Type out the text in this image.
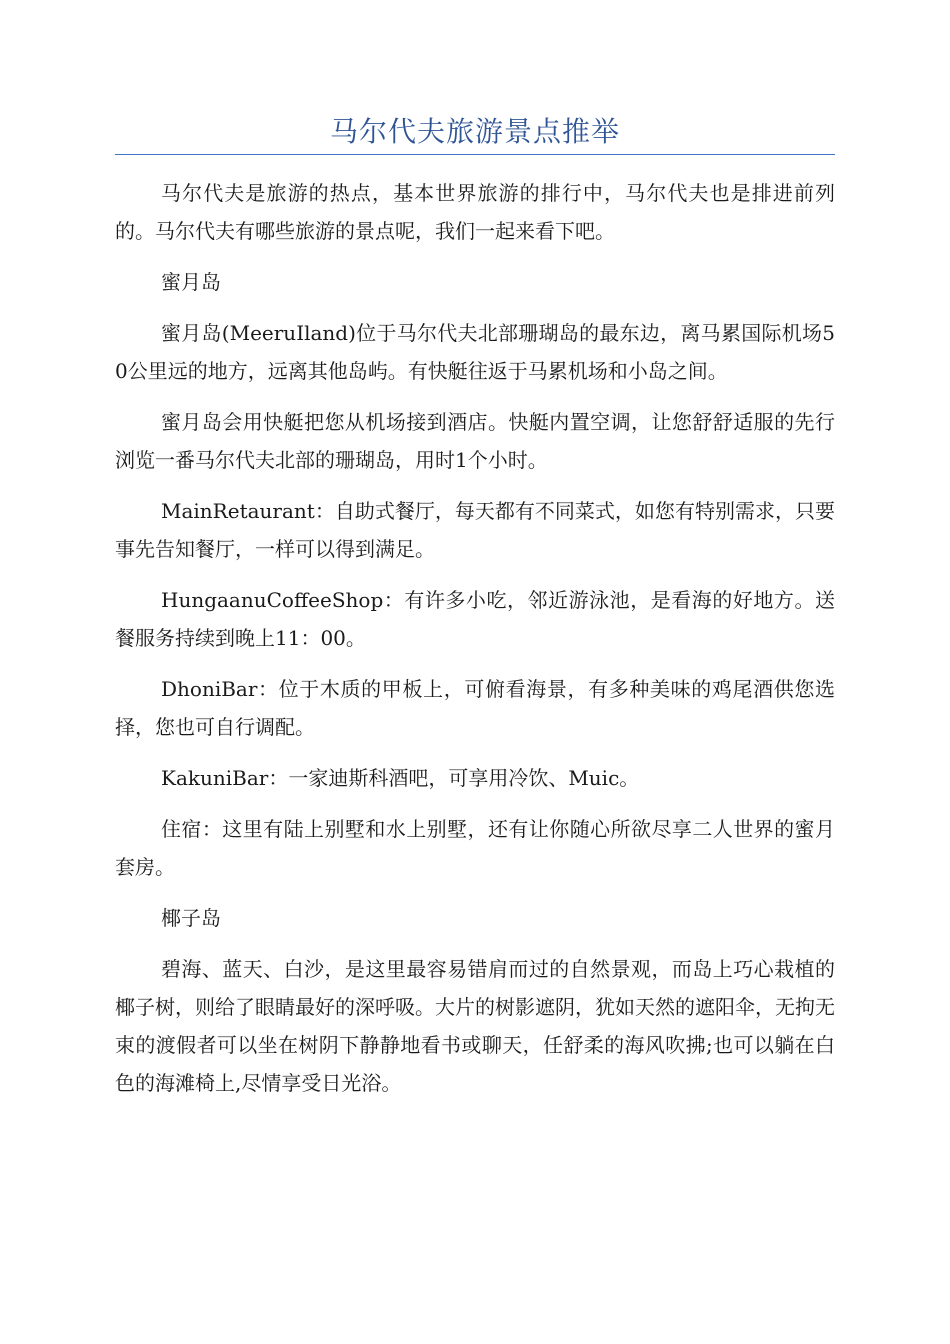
马尔代夫旅游景点推举

马尔代夫是旅游的热点，基本世界旅游的排行中，马尔代夫也是排进前列的。马尔代夫有哪些旅游的景点呢，我们一起来看下吧。

蜜月岛

蜜月岛(MeeruIland)位于马尔代夫北部珊瑚岛的最东边，离马累国际机场50公里远的地方，远离其他岛屿。有快艇往返于马累机场和小岛之间。

蜜月岛会用快艇把您从机场接到酒店。快艇内置空调，让您舒舒适服的先行浏览一番马尔代夫北部的珊瑚岛，用时1个小时。

MainRetaurant：自助式餐厅，每天都有不同菜式，如您有特别需求，只要事先告知餐厅，一样可以得到满足。

HungaanuCoffeeShop：有许多小吃，邻近游泳池，是看海的好地方。送餐服务持续到晚上11：00。

DhoniBar：位于木质的甲板上，可俯看海景，有多种美味的鸡尾酒供您选择，您也可自行调配。

KakuniBar：一家迪斯科酒吧，可享用冷饮、Muic。

住宿：这里有陆上别墅和水上别墅，还有让你随心所欲尽享二人世界的蜜月套房。

椰子岛

碧海、蓝天、白沙，是这里最容易错肩而过的自然景观，而岛上巧心栽植的椰子树，则给了眼睛最好的深呼吸。大片的树影遮阴，犹如天然的遮阳伞，无拘无束的渡假者可以坐在树阴下静静地看书或聊天，任舒柔的海风吹拂;也可以躺在白色的海滩椅上,尽情享受日光浴。
